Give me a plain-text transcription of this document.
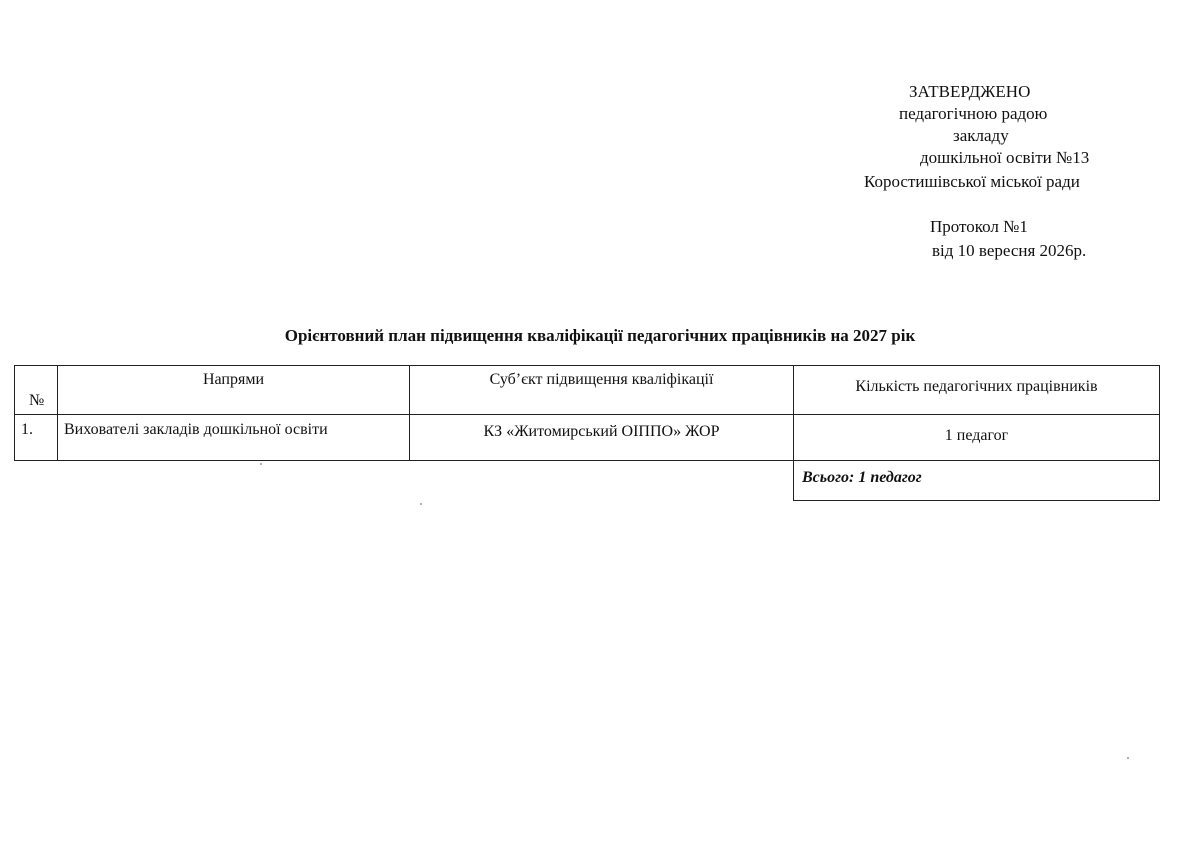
ЗАТВЕРДЖЕНО
педагогічною радою
закладу
дошкільної освіти №13
Коростишівської міської ради
Протокол №1
від 10 вересня 2026р.
Орієнтовний план підвищення кваліфікації педагогічних працівників на 2027 рік
№	Напрями	Суб’єкт підвищення кваліфікації	Кількість педагогічних працівників

1.	Вихователі закладів дошкільної освіти	КЗ «Житомирський ОІППО» ЖОР	1 педагог

			Всього: 1 педагог
